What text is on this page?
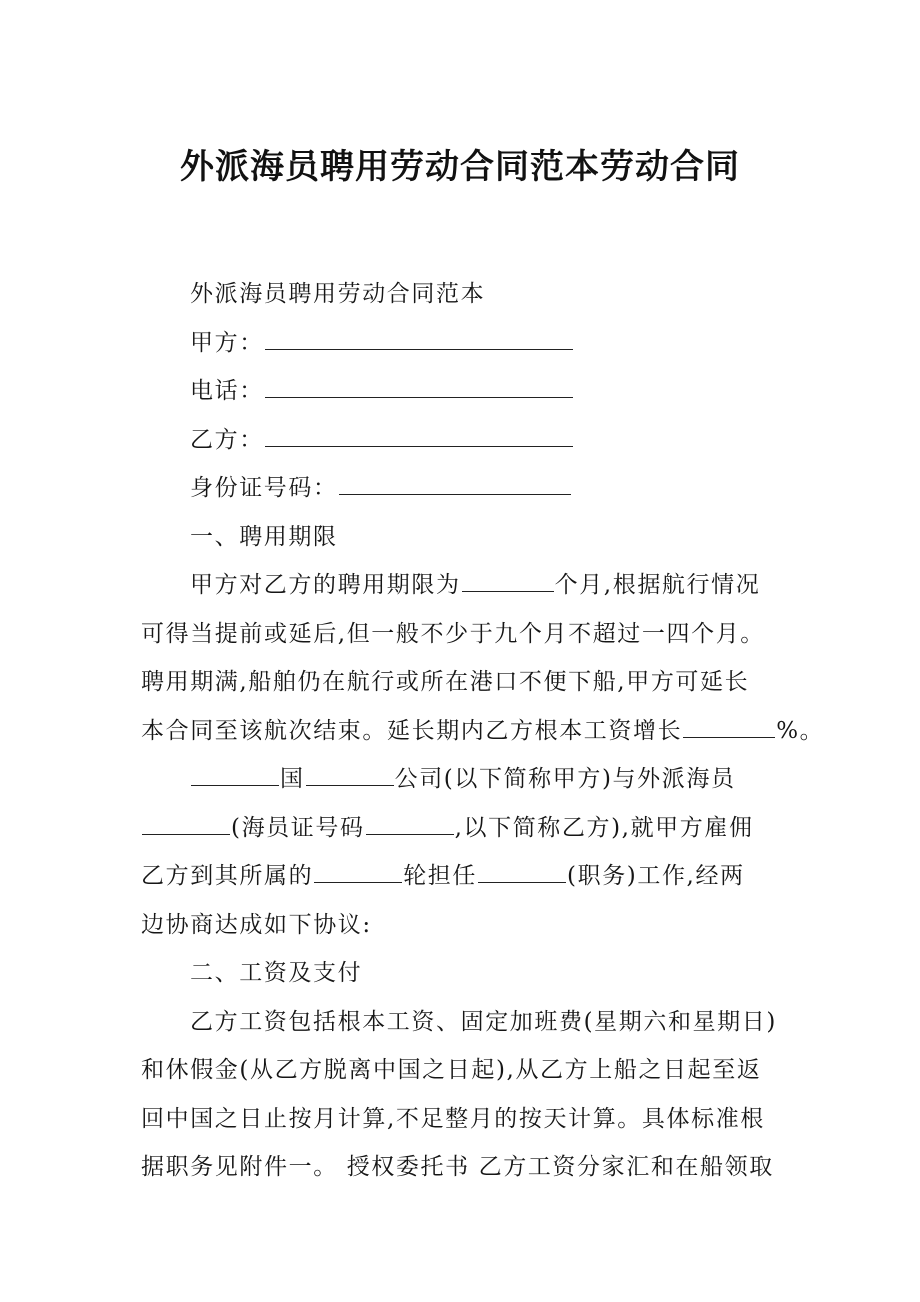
外派海员聘用劳动合同范本劳动合同
外派海员聘用劳动合同范本
甲方：
电话：
乙方：
身份证号码：
一、聘用期限
甲方对乙方的聘用期限为	个月,根据航行情况
可得当提前或延后,但一般不少于九个月不超过一四个月。
聘用期满,船舶仍在航行或所在港口不便下船,甲方可延长
本合同至该航次结束。延长期内乙方根本工资增长	%。
国	公司(以下简称甲方)与外派海员
(海员证号码	,以下简称乙方),就甲方雇佣
乙方到其所属的	轮担任	(职务)工作,经两
边协商达成如下协议:
二、工资及支付
乙方工资包括根本工资、固定加班费(星期六和星期日)
和休假金(从乙方脱离中国之日起),从乙方上船之日起至返
回中国之日止按月计算,不足整月的按天计算。具体标准根
据职务见附件一。 授权委托书 乙方工资分家汇和在船领取
